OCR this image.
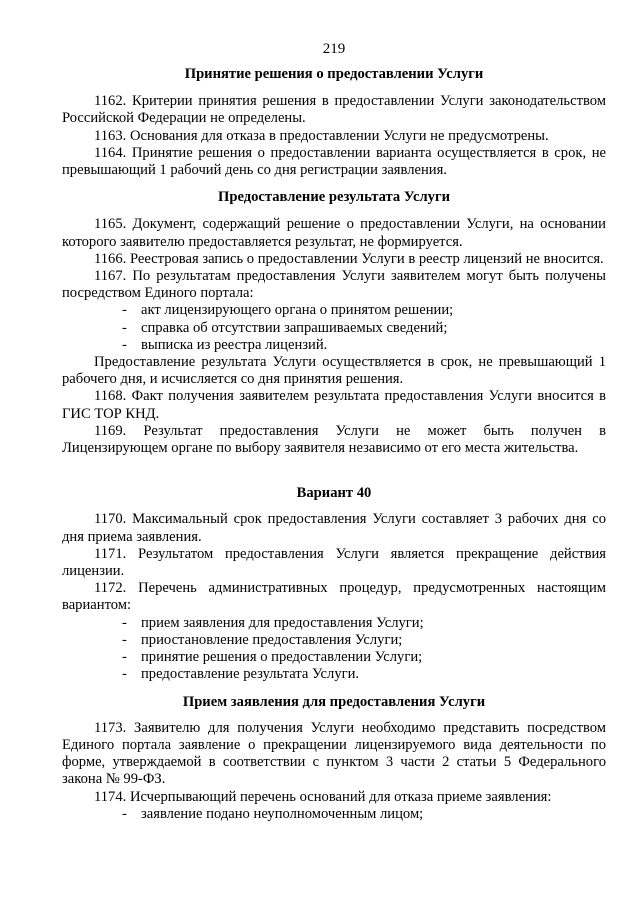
219
Принятие решения о предоставлении Услуги

1162. Критерии принятия решения в предоставлении Услуги законодательством Российской Федерации не определены.

1163. Основания для отказа в предоставлении Услуги не предусмотрены.

1164. Принятие решения о предоставлении варианта осуществляется в срок, не превышающий 1 рабочий день со дня регистрации заявления.

Предоставление результата Услуги

1165. Документ, содержащий решение о предоставлении Услуги, на основании которого заявителю предоставляется результат, не формируется.

1166. Реестровая запись о предоставлении Услуги в реестр лицензий не вносится.

1167. По результатам предоставления Услуги заявителем могут быть получены посредством Единого портала:

- акт лицензирующего органа о принятом решении;
- справка об отсутствии запрашиваемых сведений;
- выписка из реестра лицензий.

Предоставление результата Услуги осуществляется в срок, не превышающий 1 рабочего дня, и исчисляется со дня принятия решения.

1168. Факт получения заявителем результата предоставления Услуги вносится в ГИС ТОР КНД.

1169. Результат предоставления Услуги не может быть получен в Лицензирующем органе по выбору заявителя независимо от его места жительства.

Вариант 40

1170. Максимальный срок предоставления Услуги составляет 3 рабочих дня со дня приема заявления.

1171. Результатом предоставления Услуги является прекращение действия лицензии.

1172. Перечень административных процедур, предусмотренных настоящим вариантом:

- прием заявления для предоставления Услуги;
- приостановление предоставления Услуги;
- принятие решения о предоставлении Услуги;
- предоставление результата Услуги.
Прием заявления для предоставления Услуги

1173. Заявителю для получения Услуги необходимо представить посредством Единого портала заявление о прекращении лицензируемого вида деятельности по форме, утверждаемой в соответствии с пунктом 3 части 2 статьи 5 Федерального закона № 99-ФЗ.

1174. Исчерпывающий перечень оснований для отказа приеме заявления:

- заявление подано неуполномоченным лицом;
